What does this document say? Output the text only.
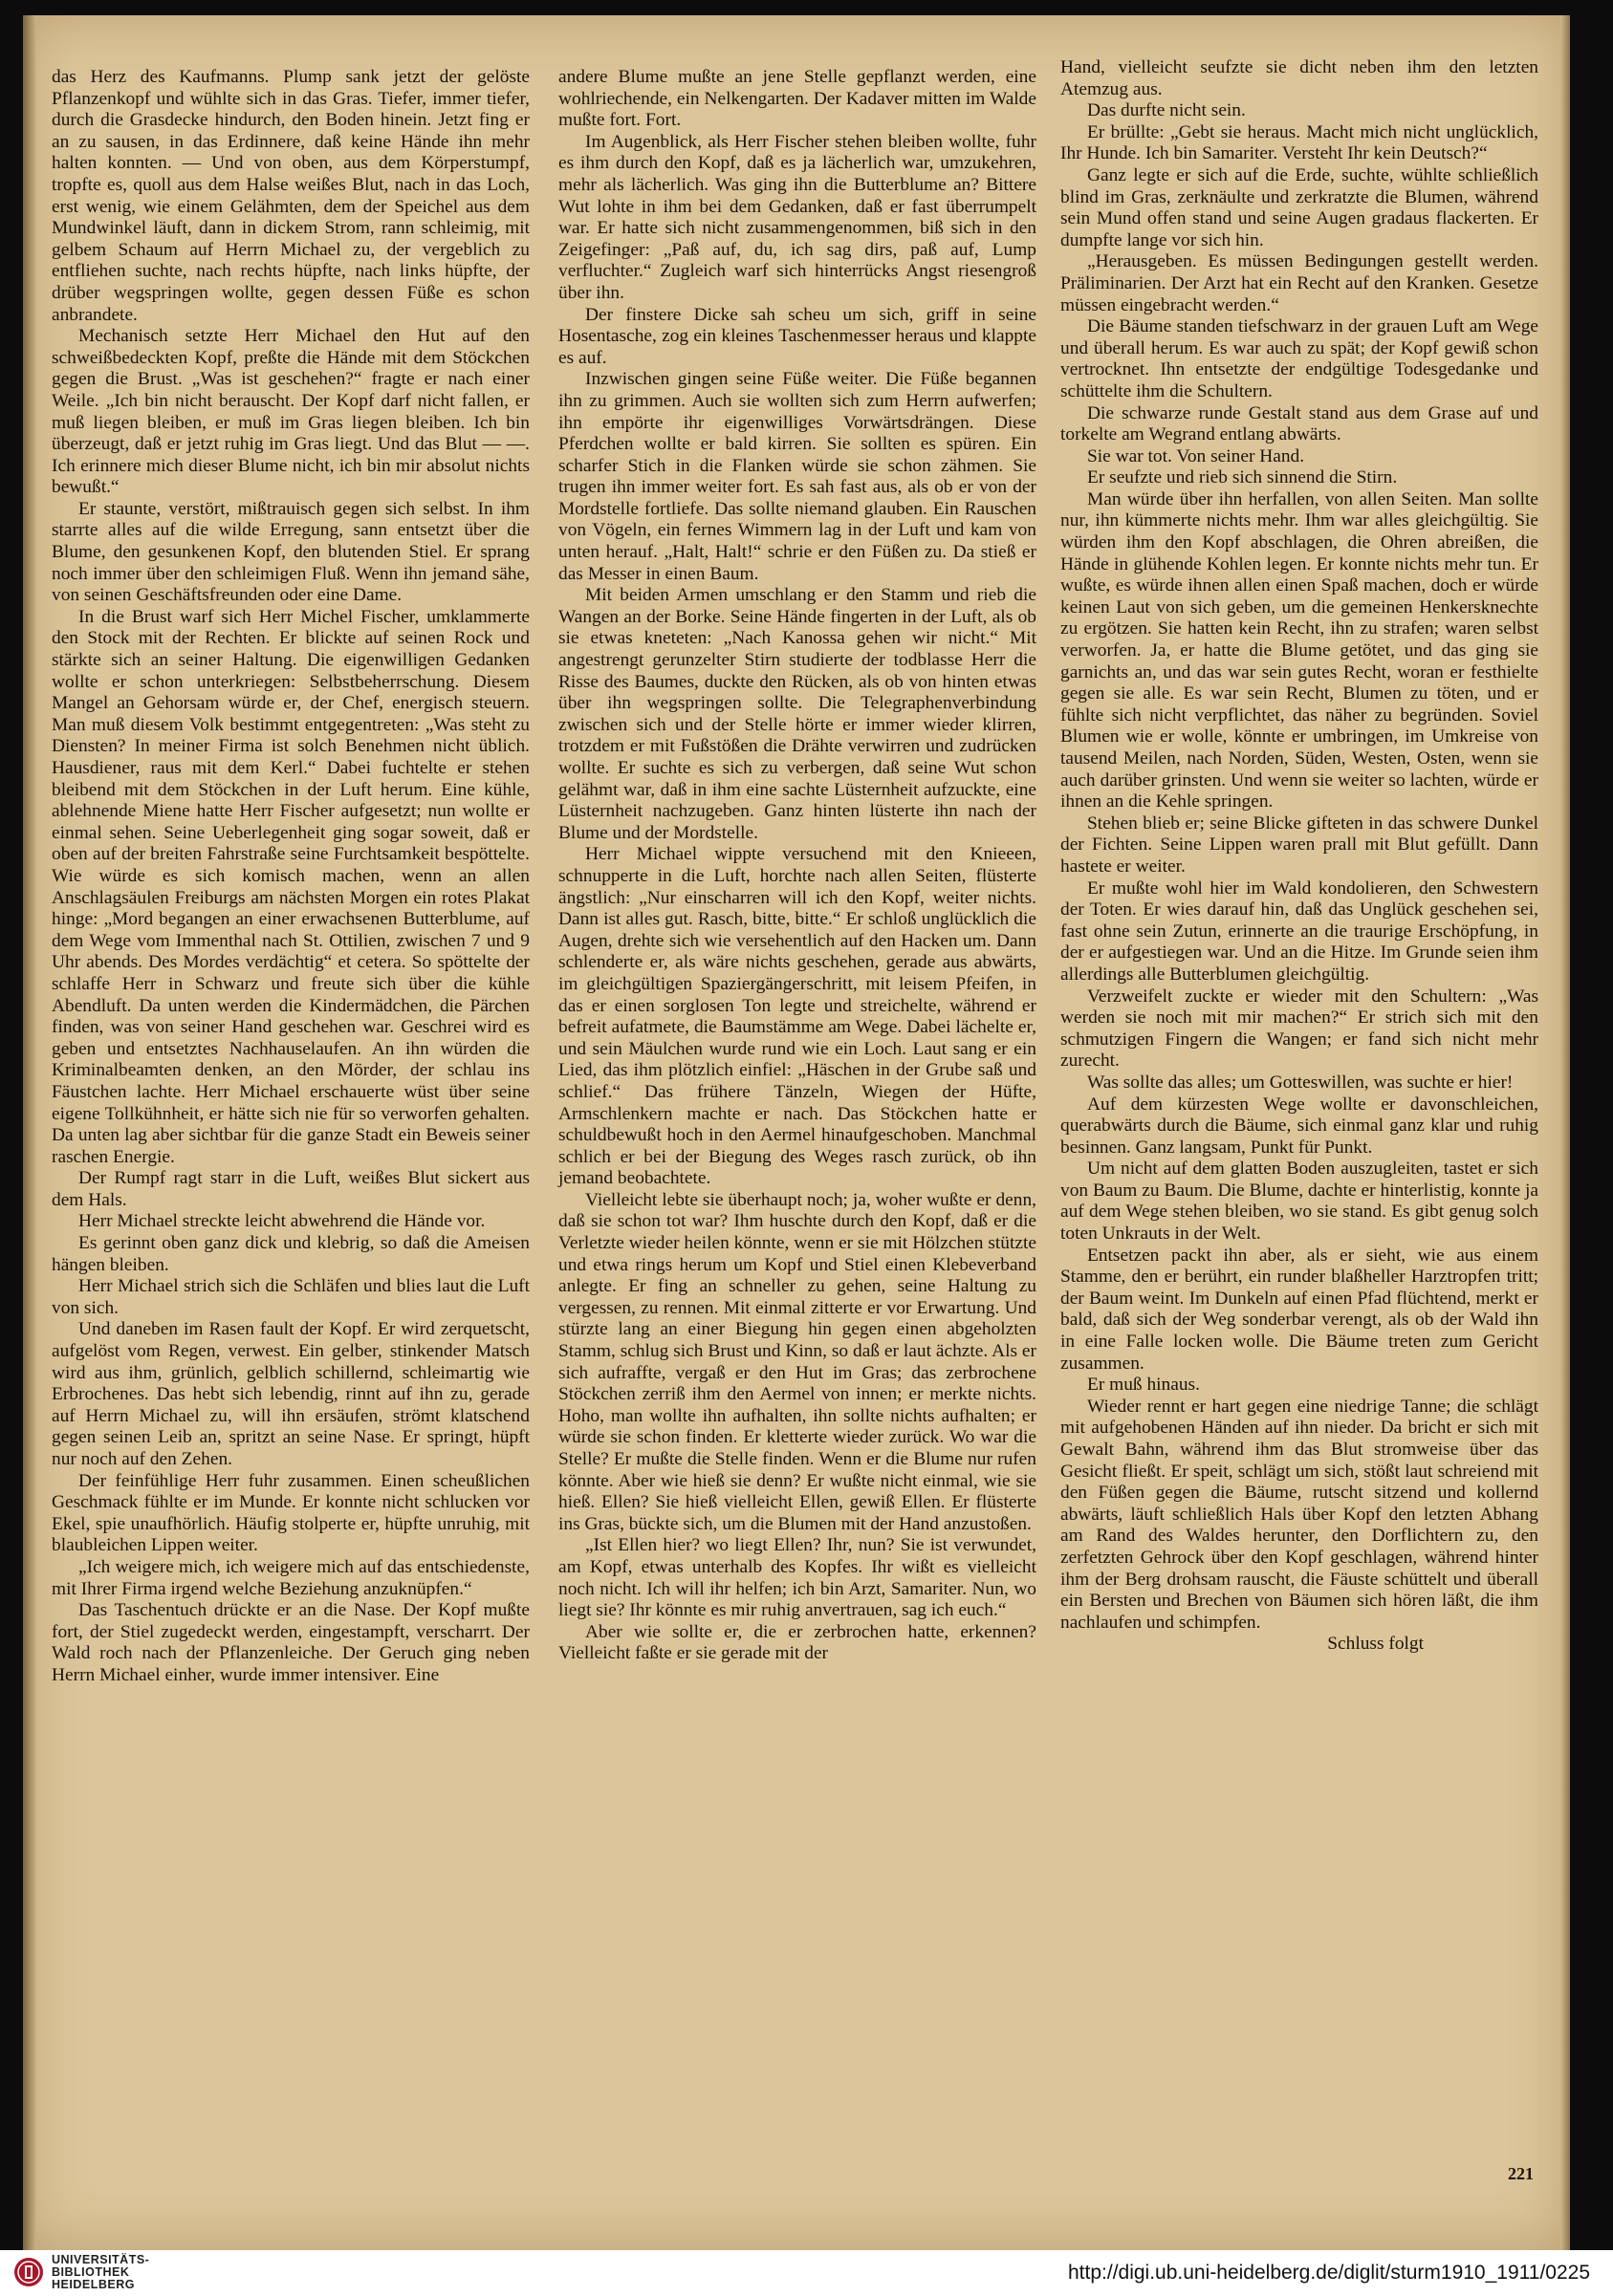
das Herz des Kaufmanns. Plump sank jetzt der gelöste Pflanzenkopf und wühlte sich in das Gras. Tiefer, immer tiefer, durch die Grasdecke hindurch, den Boden hinein. Jetzt fing er an zu sausen, in das Erdinnere, daß keine Hände ihn mehr halten konnten. — Und von oben, aus dem Körperstumpf, tropfte es, quoll aus dem Halse weißes Blut, nach in das Loch, erst wenig, wie einem Gelähmten, dem der Speichel aus dem Mundwinkel läuft, dann in dickem Strom, rann schleimig, mit gelbem Schaum auf Herrn Michael zu, der vergeblich zu entfliehen suchte, nach rechts hüpfte, nach links hüpfte, der drüber wegspringen wollte, gegen dessen Füße es schon anbrandete.

Mechanisch setzte Herr Michael den Hut auf den schweißbedeckten Kopf, preßte die Hände mit dem Stöckchen gegen die Brust. „Was ist geschehen?“ fragte er nach einer Weile. „Ich bin nicht berauscht. Der Kopf darf nicht fallen, er muß liegen bleiben, er muß im Gras liegen bleiben. Ich bin überzeugt, daß er jetzt ruhig im Gras liegt. Und das Blut — —. Ich erinnere mich dieser Blume nicht, ich bin mir absolut nichts bewußt.“

Er staunte, verstört, mißtrauisch gegen sich selbst. In ihm starrte alles auf die wilde Erregung, sann entsetzt über die Blume, den gesunkenen Kopf, den blutenden Stiel. Er sprang noch immer über den schleimigen Fluß. Wenn ihn jemand sähe, von seinen Geschäftsfreunden oder eine Dame.

In die Brust warf sich Herr Michel Fischer, umklammerte den Stock mit der Rechten. Er blickte auf seinen Rock und stärkte sich an seiner Haltung. Die eigenwilligen Gedanken wollte er schon unterkriegen: Selbstbeherrschung. Diesem Mangel an Gehorsam würde er, der Chef, energisch steuern. Man muß diesem Volk bestimmt entgegentreten: „Was steht zu Diensten? In meiner Firma ist solch Benehmen nicht üblich. Hausdiener, raus mit dem Kerl.“ Dabei fuchtelte er stehen bleibend mit dem Stöckchen in der Luft herum. Eine kühle, ablehnende Miene hatte Herr Fischer aufgesetzt; nun wollte er einmal sehen. Seine Ueberlegenheit ging sogar soweit, daß er oben auf der breiten Fahrstraße seine Furchtsamkeit bespöttelte. Wie würde es sich komisch machen, wenn an allen Anschlagsäulen Freiburgs am nächsten Morgen ein rotes Plakat hinge: „Mord begangen an einer erwachsenen Butterblume, auf dem Wege vom Immenthal nach St. Ottilien, zwischen 7 und 9 Uhr abends. Des Mordes verdächtig“ et cetera. So spöttelte der schlaffe Herr in Schwarz und freute sich über die kühle Abendluft. Da unten werden die Kindermädchen, die Pärchen finden, was von seiner Hand geschehen war. Geschrei wird es geben und entsetztes Nachhauselaufen. An ihn würden die Kriminalbeamten denken, an den Mörder, der schlau ins Fäustchen lachte. Herr Michael erschauerte wüst über seine eigene Tollkühnheit, er hätte sich nie für so verworfen gehalten. Da unten lag aber sichtbar für die ganze Stadt ein Beweis seiner raschen Energie.

Der Rumpf ragt starr in die Luft, weißes Blut sickert aus dem Hals.

Herr Michael streckte leicht abwehrend die Hände vor.

Es gerinnt oben ganz dick und klebrig, so daß die Ameisen hängen bleiben.

Herr Michael strich sich die Schläfen und blies laut die Luft von sich.

Und daneben im Rasen fault der Kopf. Er wird zerquetscht, aufgelöst vom Regen, verwest. Ein gelber, stinkender Matsch wird aus ihm, grünlich, gelblich schillernd, schleimartig wie Erbrochenes. Das hebt sich lebendig, rinnt auf ihn zu, gerade auf Herrn Michael zu, will ihn ersäufen, strömt klatschend gegen seinen Leib an, spritzt an seine Nase. Er springt, hüpft nur noch auf den Zehen.

Der feinfühlige Herr fuhr zusammen. Einen scheußlichen Geschmack fühlte er im Munde. Er konnte nicht schlucken vor Ekel, spie unaufhörlich. Häufig stolperte er, hüpfte unruhig, mit blaubleichen Lippen weiter.

„Ich weigere mich, ich weigere mich auf das entschiedenste, mit Ihrer Firma irgend welche Beziehung anzuknüpfen.“

Das Taschentuch drückte er an die Nase. Der Kopf mußte fort, der Stiel zugedeckt werden, eingestampft, verscharrt. Der Wald roch nach der Pflanzenleiche. Der Geruch ging neben Herrn Michael einher, wurde immer intensiver. Eine

andere Blume mußte an jene Stelle gepflanzt werden, eine wohlriechende, ein Nelkengarten. Der Kadaver mitten im Walde mußte fort. Fort.

Im Augenblick, als Herr Fischer stehen bleiben wollte, fuhr es ihm durch den Kopf, daß es ja lächerlich war, umzukehren, mehr als lächerlich. Was ging ihn die Butterblume an? Bittere Wut lohte in ihm bei dem Gedanken, daß er fast überrumpelt war. Er hatte sich nicht zusammengenommen, biß sich in den Zeigefinger: „Paß auf, du, ich sag dirs, paß auf, Lump verfluchter.“ Zugleich warf sich hinterrücks Angst riesengroß über ihn.

Der finstere Dicke sah scheu um sich, griff in seine Hosentasche, zog ein kleines Taschenmesser heraus und klappte es auf.

Inzwischen gingen seine Füße weiter. Die Füße begannen ihn zu grimmen. Auch sie wollten sich zum Herrn aufwerfen; ihn empörte ihr eigenwilliges Vorwärtsdrängen. Diese Pferdchen wollte er bald kirren. Sie sollten es spüren. Ein scharfer Stich in die Flanken würde sie schon zähmen. Sie trugen ihn immer weiter fort. Es sah fast aus, als ob er von der Mordstelle fortliefe. Das sollte niemand glauben. Ein Rauschen von Vögeln, ein fernes Wimmern lag in der Luft und kam von unten herauf. „Halt, Halt!“ schrie er den Füßen zu. Da stieß er das Messer in einen Baum.

Mit beiden Armen umschlang er den Stamm und rieb die Wangen an der Borke. Seine Hände fingerten in der Luft, als ob sie etwas kneteten: „Nach Kanossa gehen wir nicht.“ Mit angestrengt gerunzelter Stirn studierte der todblasse Herr die Risse des Baumes, duckte den Rücken, als ob von hinten etwas über ihn wegspringen sollte. Die Telegraphenverbindung zwischen sich und der Stelle hörte er immer wieder klirren, trotzdem er mit Fußstößen die Drähte verwirren und zudrücken wollte. Er suchte es sich zu verbergen, daß seine Wut schon gelähmt war, daß in ihm eine sachte Lüsternheit aufzuckte, eine Lüsternheit nachzugeben. Ganz hinten lüsterte ihn nach der Blume und der Mordstelle.

Herr Michael wippte versuchend mit den Knieeen, schnupperte in die Luft, horchte nach allen Seiten, flüsterte ängstlich: „Nur einscharren will ich den Kopf, weiter nichts. Dann ist alles gut. Rasch, bitte, bitte.“ Er schloß unglücklich die Augen, drehte sich wie versehentlich auf den Hacken um. Dann schlenderte er, als wäre nichts geschehen, gerade aus abwärts, im gleichgültigen Spaziergängerschritt, mit leisem Pfeifen, in das er einen sorglosen Ton legte und streichelte, während er befreit aufatmete, die Baumstämme am Wege. Dabei lächelte er, und sein Mäulchen wurde rund wie ein Loch. Laut sang er ein Lied, das ihm plötzlich einfiel: „Häschen in der Grube saß und schlief.“ Das frühere Tänzeln, Wiegen der Hüfte, Armschlenkern machte er nach. Das Stöckchen hatte er schuldbewußt hoch in den Aermel hinaufgeschoben. Manchmal schlich er bei der Biegung des Weges rasch zurück, ob ihn jemand beobachtete.

Vielleicht lebte sie überhaupt noch; ja, woher wußte er denn, daß sie schon tot war? Ihm huschte durch den Kopf, daß er die Verletzte wieder heilen könnte, wenn er sie mit Hölzchen stützte und etwa rings herum um Kopf und Stiel einen Klebeverband anlegte. Er fing an schneller zu gehen, seine Haltung zu vergessen, zu rennen. Mit einmal zitterte er vor Erwartung. Und stürzte lang an einer Biegung hin gegen einen abgeholzten Stamm, schlug sich Brust und Kinn, so daß er laut ächzte. Als er sich aufraffte, vergaß er den Hut im Gras; das zerbrochene Stöckchen zerriß ihm den Aermel von innen; er merkte nichts. Hoho, man wollte ihn aufhalten, ihn sollte nichts aufhalten; er würde sie schon finden. Er kletterte wieder zurück. Wo war die Stelle? Er mußte die Stelle finden. Wenn er die Blume nur rufen könnte. Aber wie hieß sie denn? Er wußte nicht einmal, wie sie hieß. Ellen? Sie hieß vielleicht Ellen, gewiß Ellen. Er flüsterte ins Gras, bückte sich, um die Blumen mit der Hand anzustoßen.

„Ist Ellen hier? wo liegt Ellen? Ihr, nun? Sie ist verwundet, am Kopf, etwas unterhalb des Kopfes. Ihr wißt es vielleicht noch nicht. Ich will ihr helfen; ich bin Arzt, Samariter. Nun, wo liegt sie? Ihr könnte es mir ruhig anvertrauen, sag ich euch.“

Aber wie sollte er, die er zerbrochen hatte, erkennen? Vielleicht faßte er sie gerade mit der

Hand, vielleicht seufzte sie dicht neben ihm den letzten Atemzug aus.

Das durfte nicht sein.

Er brüllte: „Gebt sie heraus. Macht mich nicht unglücklich, Ihr Hunde. Ich bin Samariter. Versteht Ihr kein Deutsch?“

Ganz legte er sich auf die Erde, suchte, wühlte schließlich blind im Gras, zerknäulte und zerkratzte die Blumen, während sein Mund offen stand und seine Augen gradaus flackerten. Er dumpfte lange vor sich hin.

„Herausgeben. Es müssen Bedingungen gestellt werden. Präliminarien. Der Arzt hat ein Recht auf den Kranken. Gesetze müssen eingebracht werden.“

Die Bäume standen tiefschwarz in der grauen Luft am Wege und überall herum. Es war auch zu spät; der Kopf gewiß schon vertrocknet. Ihn entsetzte der endgültige Todesgedanke und schüttelte ihm die Schultern.

Die schwarze runde Gestalt stand aus dem Grase auf und torkelte am Wegrand entlang abwärts.

Sie war tot. Von seiner Hand.

Er seufzte und rieb sich sinnend die Stirn.

Man würde über ihn herfallen, von allen Seiten. Man sollte nur, ihn kümmerte nichts mehr. Ihm war alles gleichgültig. Sie würden ihm den Kopf abschlagen, die Ohren abreißen, die Hände in glühende Kohlen legen. Er konnte nichts mehr tun. Er wußte, es würde ihnen allen einen Spaß machen, doch er würde keinen Laut von sich geben, um die gemeinen Henkersknechte zu ergötzen. Sie hatten kein Recht, ihn zu strafen; waren selbst verworfen. Ja, er hatte die Blume getötet, und das ging sie garnichts an, und das war sein gutes Recht, woran er festhielte gegen sie alle. Es war sein Recht, Blumen zu töten, und er fühlte sich nicht verpflichtet, das näher zu begründen. Soviel Blumen wie er wolle, könnte er umbringen, im Umkreise von tausend Meilen, nach Norden, Süden, Westen, Osten, wenn sie auch darüber grinsten. Und wenn sie weiter so lachten, würde er ihnen an die Kehle springen.

Stehen blieb er; seine Blicke gifteten in das schwere Dunkel der Fichten. Seine Lippen waren prall mit Blut gefüllt. Dann hastete er weiter.

Er mußte wohl hier im Wald kondolieren, den Schwestern der Toten. Er wies darauf hin, daß das Unglück geschehen sei, fast ohne sein Zutun, erinnerte an die traurige Erschöpfung, in der er aufgestiegen war. Und an die Hitze. Im Grunde seien ihm allerdings alle Butterblumen gleichgültig.

Verzweifelt zuckte er wieder mit den Schultern: „Was werden sie noch mit mir machen?“ Er strich sich mit den schmutzigen Fingern die Wangen; er fand sich nicht mehr zurecht.

Was sollte das alles; um Gotteswillen, was suchte er hier!

Auf dem kürzesten Wege wollte er davonschleichen, querabwärts durch die Bäume, sich einmal ganz klar und ruhig besinnen. Ganz langsam, Punkt für Punkt.

Um nicht auf dem glatten Boden auszugleiten, tastet er sich von Baum zu Baum. Die Blume, dachte er hinterlistig, konnte ja auf dem Wege stehen bleiben, wo sie stand. Es gibt genug solch toten Unkrauts in der Welt.

Entsetzen packt ihn aber, als er sieht, wie aus einem Stamme, den er berührt, ein runder blaßheller Harztropfen tritt; der Baum weint. Im Dunkeln auf einen Pfad flüchtend, merkt er bald, daß sich der Weg sonderbar verengt, als ob der Wald ihn in eine Falle locken wolle. Die Bäume treten zum Gericht zusammen.

Er muß hinaus.

Wieder rennt er hart gegen eine niedrige Tanne; die schlägt mit aufgehobenen Händen auf ihn nieder. Da bricht er sich mit Gewalt Bahn, während ihm das Blut stromweise über das Gesicht fließt. Er speit, schlägt um sich, stößt laut schreiend mit den Füßen gegen die Bäume, rutscht sitzend und kollernd abwärts, läuft schließlich Hals über Kopf den letzten Abhang am Rand des Waldes herunter, den Dorflichtern zu, den zerfetzten Gehrock über den Kopf geschlagen, während hinter ihm der Berg drohsam rauscht, die Fäuste schüttelt und überall ein Bersten und Brechen von Bäumen sich hören läßt, die ihm nachlaufen und schimpfen.

Schluss folgt

221
UNIVERSITÄTS-
BIBLIOTHEK
HEIDELBERG
http://digi.ub.uni-heidelberg.de/diglit/sturm1910_1911/0225
